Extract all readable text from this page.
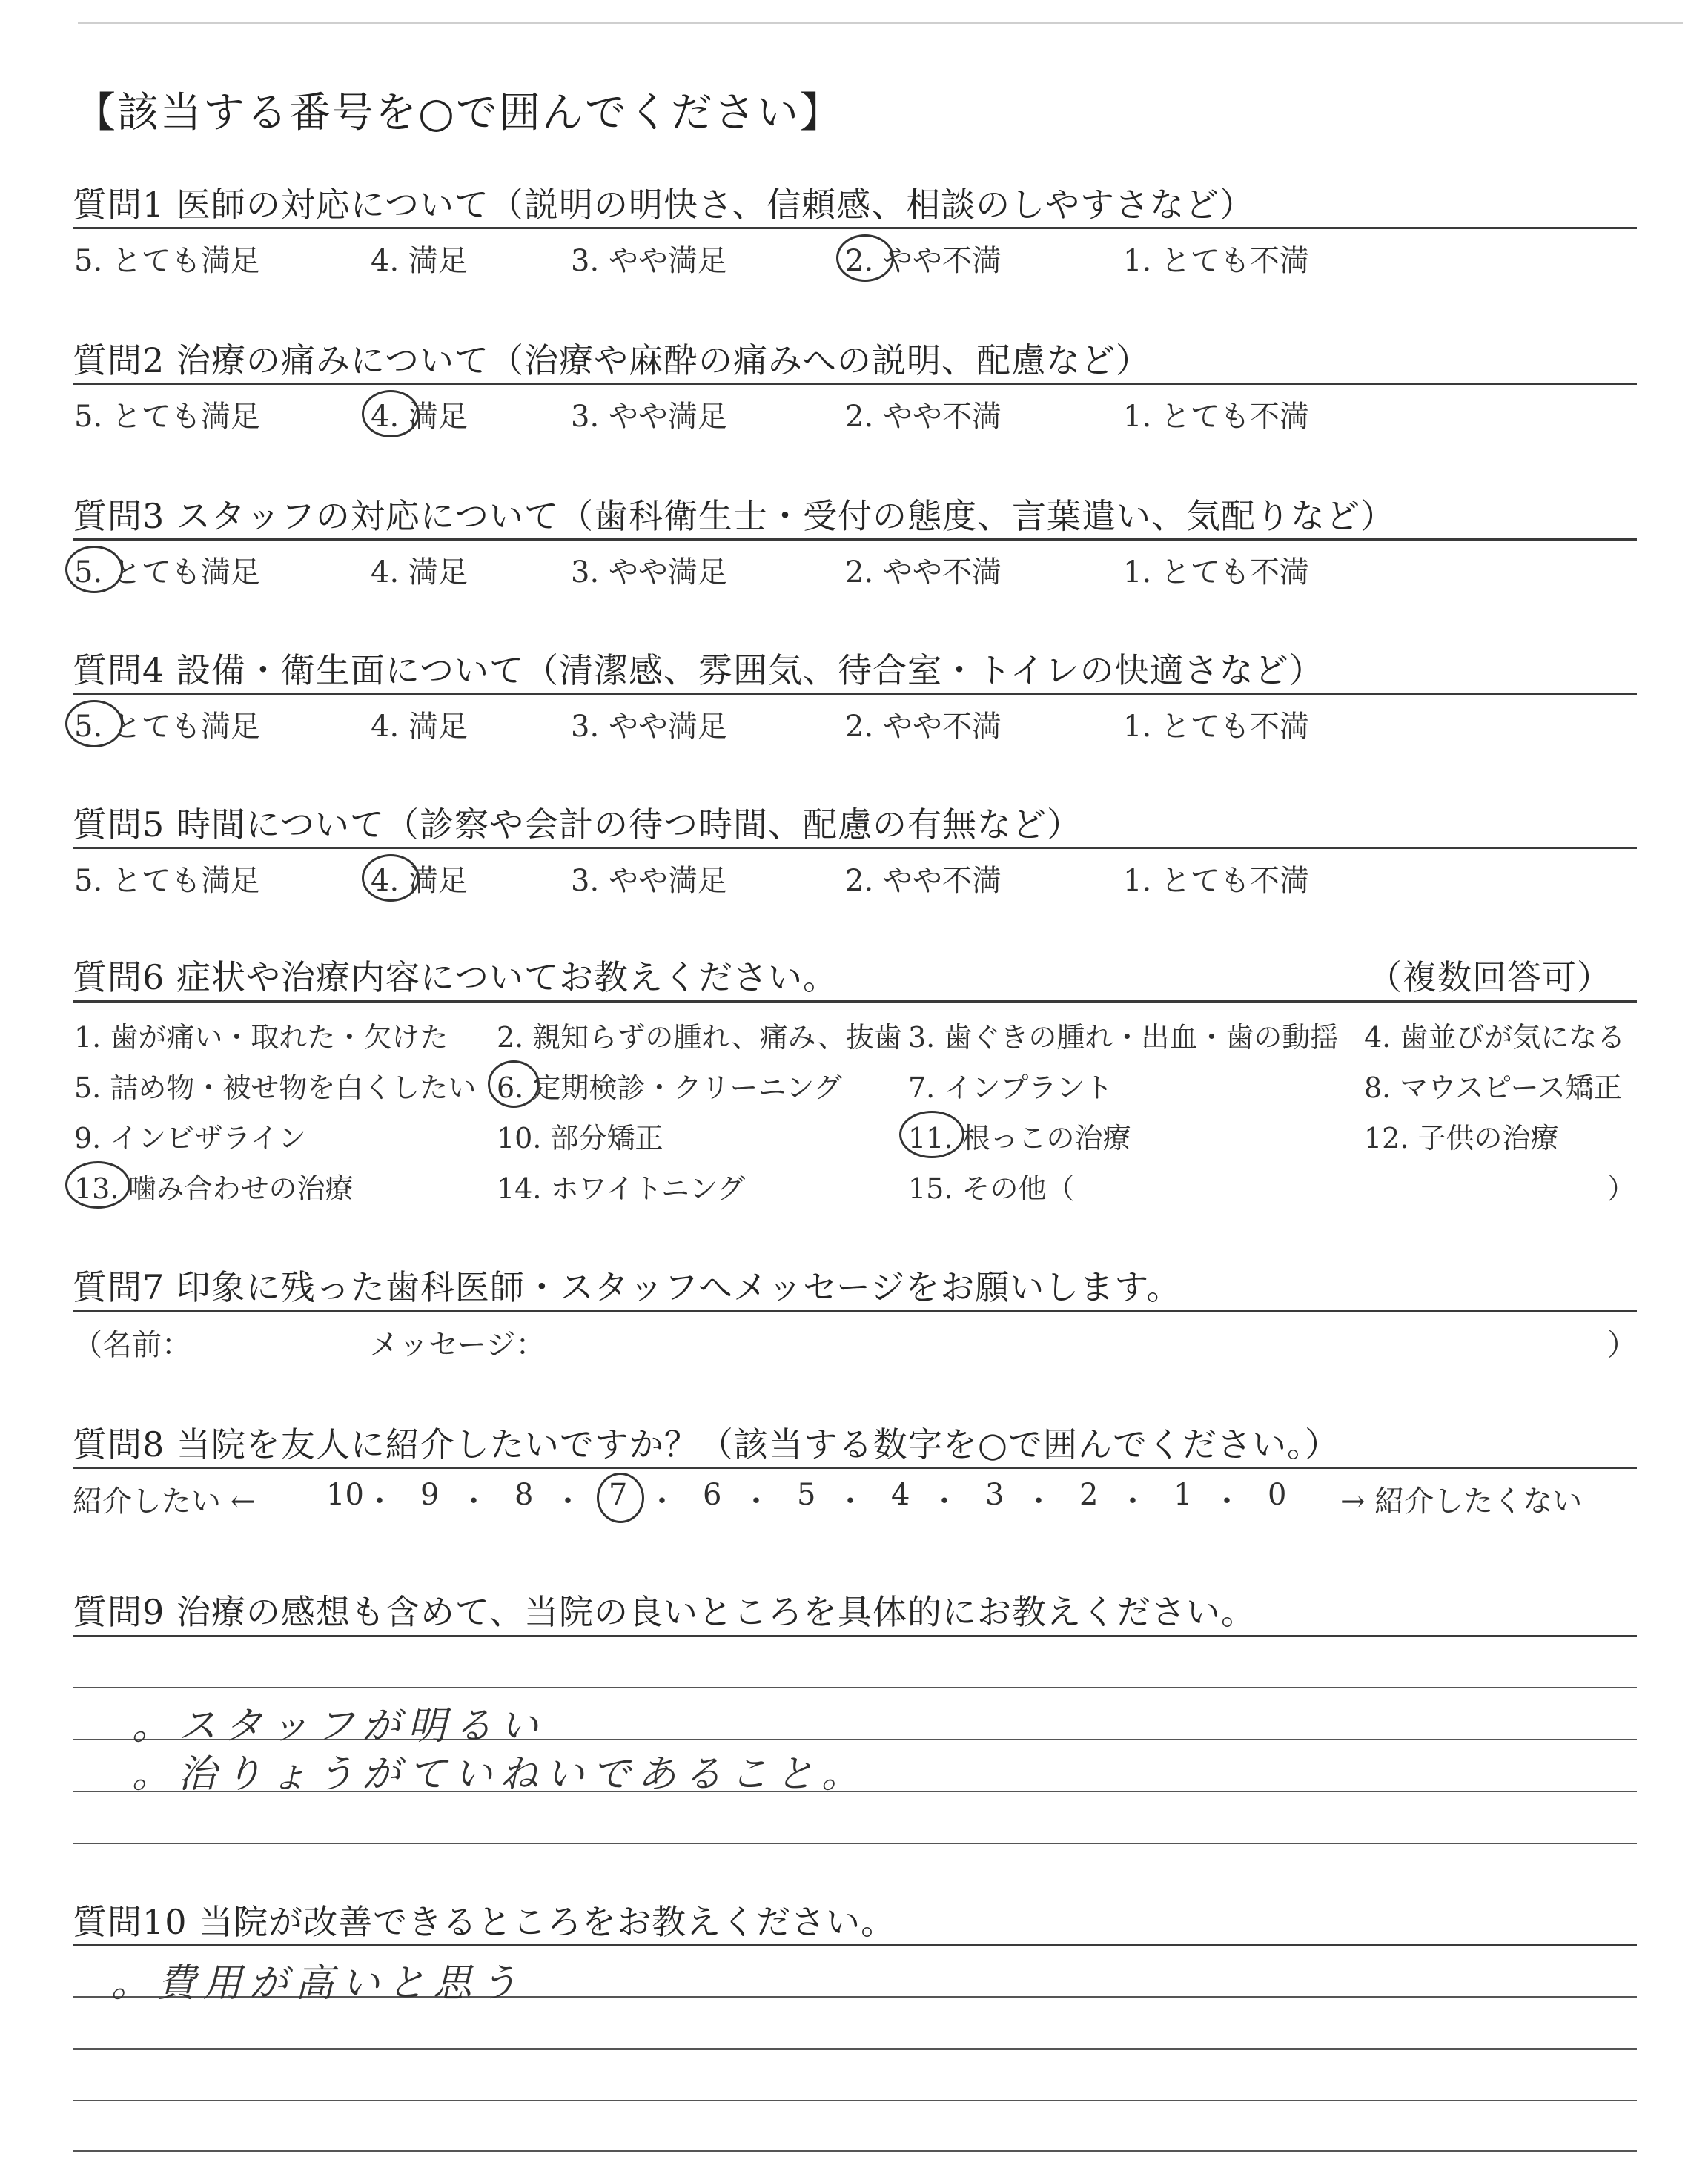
【該当する番号を○で囲んでください】
質問1 医師の対応について（説明の明快さ、信頼感、相談のしやすさなど）
5. とても満足	4. 満足	3. やや満足	2. やや不満	1. とても不満
質問2 治療の痛みについて（治療や麻酔の痛みへの説明、配慮など）
5. とても満足	4. 満足	3. やや満足	2. やや不満	1. とても不満
質問3 スタッフの対応について（歯科衛生士・受付の態度、言葉遣い、気配りなど）
5. とても満足	4. 満足	3. やや満足	2. やや不満	1. とても不満
質問4 設備・衛生面について（清潔感、雰囲気、待合室・トイレの快適さなど）
5. とても満足	4. 満足	3. やや満足	2. やや不満	1. とても不満
質問5 時間について（診察や会計の待つ時間、配慮の有無など）
5. とても満足	4. 満足	3. やや満足	2. やや不満	1. とても不満
質問6 症状や治療内容についてお教えください。	（複数回答可）
1. 歯が痛い・取れた・欠けた 2. 親知らずの腫れ、痛み、抜歯 3. 歯ぐきの腫れ・出血・歯の動揺 4. 歯並びが気になる
5. 詰め物・被せ物を白くしたい 6. 定期検診・クリーニング 7. インプラント	8. マウスピース矯正
9. インビザライン	10. 部分矯正	11. 根っこの治療	12. 子供の治療
13. 噛み合わせの治療	14. ホワイトニング	15. その他（	）
質問7 印象に残った歯科医師・スタッフへメッセージをお願いします。
（名前：	メッセージ：	）
質問8 当院を友人に紹介したいですか？（該当する数字を○で囲んでください。）
紹介したい ←	→ 紹介したくない
10 ・ 9 ・ 8 ・ 7 ・ 6 ・ 5 ・ 4 ・ 3 ・ 2 ・ 1 ・ 0
質問9 治療の感想も含めて、当院の良いところを具体的にお教えください。
。スタッフが明るい
。治りょうがていねいであること。
質問10 当院が改善できるところをお教えください。
。費用が高いと思う
